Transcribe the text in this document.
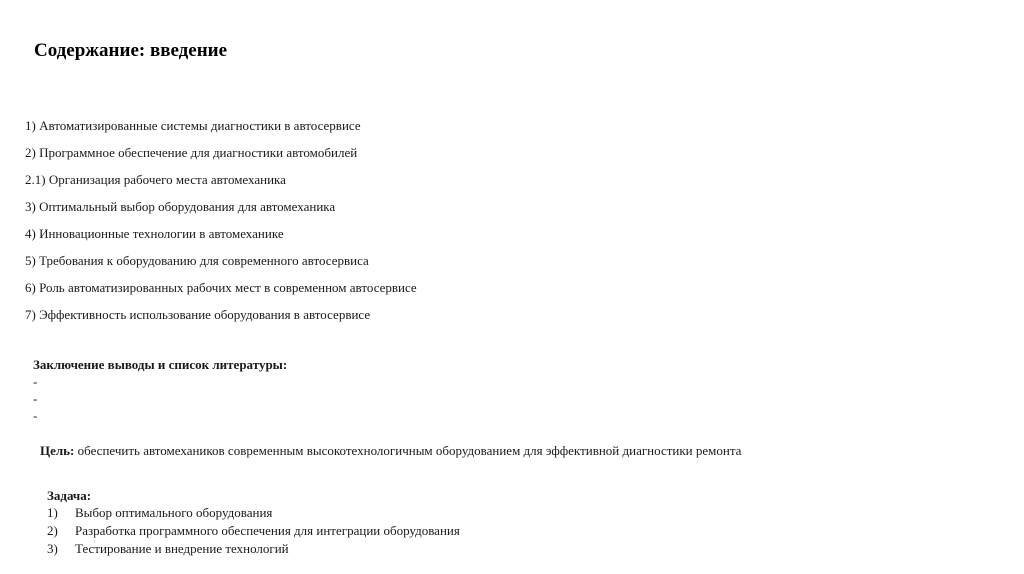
Содержание: введение
1) Автоматизированные системы диагностики в автосервисе
2) Программное обеспечение для диагностики автомобилей
2.1) Организация рабочего места автомеханика
3) Оптимальный выбор оборудования для автомеханика
4) Инновационные технологии в автомеханике
5) Требования к оборудованию для современного автосервиса
6) Роль автоматизированных рабочих мест в современном автосервисе
7) Эффективность использование оборудования в автосервисе
Заключение выводы и список литературы:
-
-
-
Цель: обеспечить автомехаников современным высокотехнологичным оборудованием для эффективной диагностики ремонта
Задача:
1) Выбор оптимального оборудования
2) Разработка программного обеспечения для интеграции оборудования
3) Тестирование и внедрение технологий
